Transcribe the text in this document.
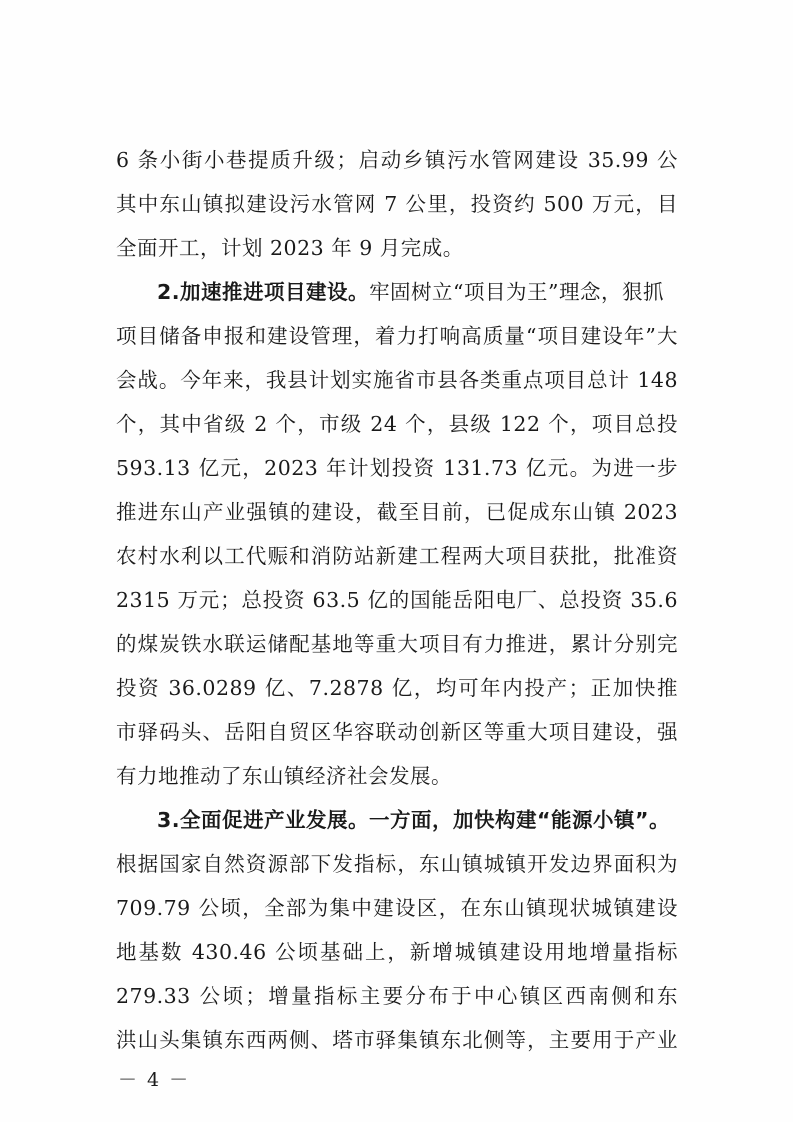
6 条小街小巷提质升级；启动乡镇污水管网建设 35.99 公
其中东山镇拟建设污水管网 7 公里，投资约 500 万元，目
全面开工，计划 2023 年 9 月完成。
2.加速推进项目建设。牢固树立“项目为王”理念，狠抓
项目储备申报和建设管理，着力打响高质量“项目建设年”大
会战。今年来，我县计划实施省市县各类重点项目总计 148
个，其中省级 2 个，市级 24 个，县级 122 个，项目总投
593.13 亿元，2023 年计划投资 131.73 亿元。为进一步
推进东山产业强镇的建设，截至目前，已促成东山镇 2023
农村水利以工代赈和消防站新建工程两大项目获批，批准资
2315 万元；总投资 63.5 亿的国能岳阳电厂、总投资 35.6
的煤炭铁水联运储配基地等重大项目有力推进，累计分别完
投资 36.0289 亿、7.2878 亿，均可年内投产；正加快推
市驿码头、岳阳自贸区华容联动创新区等重大项目建设，强
有力地推动了东山镇经济社会发展。
3.全面促进产业发展。一方面，加快构建“能源小镇”。
根据国家自然资源部下发指标，东山镇城镇开发边界面积为
709.79 公顷，全部为集中建设区，在东山镇现状城镇建设
地基数 430.46 公顷基础上，新增城镇建设用地增量指标
279.33 公顷；增量指标主要分布于中心镇区西南侧和东
洪山头集镇东西两侧、塔市驿集镇东北侧等，主要用于产业
－ 4 －
